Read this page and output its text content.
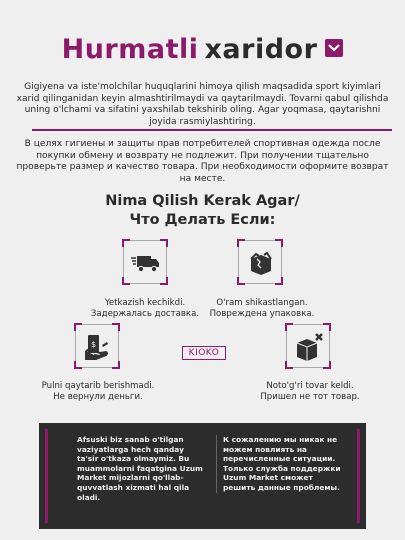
Hurmatli xaridor
Gigiyena va iste'molchilar huquqlarini himoya qilish maqsadida sport kiyimlari xarid qilinganidan keyin almashtirilmaydi va qaytarilmaydi. Tovarni qabul qilishda uning o'lchami va sifatini yaxshilab tekshirib oling. Agar yoqmasa, qaytarishni joyida rasmiylashtiring.
В целях гигиены и защиты прав потребителей спортивная одежда после покупки обмену и возврату не подлежит. При получении тщательно проверьте размер и качество товара. При необходимости оформите возврат на месте.
Nima Qilish Kerak Agar/
Что Делать Если:
Yetkazish kechikdi.
Задержалась доставка.
O'ram shikastlangan.
Повреждена упаковка.
$
Pulni qaytarib berishmadi.
Не вернули деньги.
KIOKO
Noto'g'ri tovar keldi.
Пришел не тот товар.
Afsuski biz sanab o'tilgan vaziyatlarga hech qanday ta'sir o'tkaza olmaymiz. Bu muammolarni faqatgina Uzum Market mijozlarni qo'llab-quvvatlash xizmati hal qila oladi.
К сожалению мы никак не можем повлиять на перечисленные ситуации. Только служба поддержки Uzum Market сможет решить данные проблемы.
